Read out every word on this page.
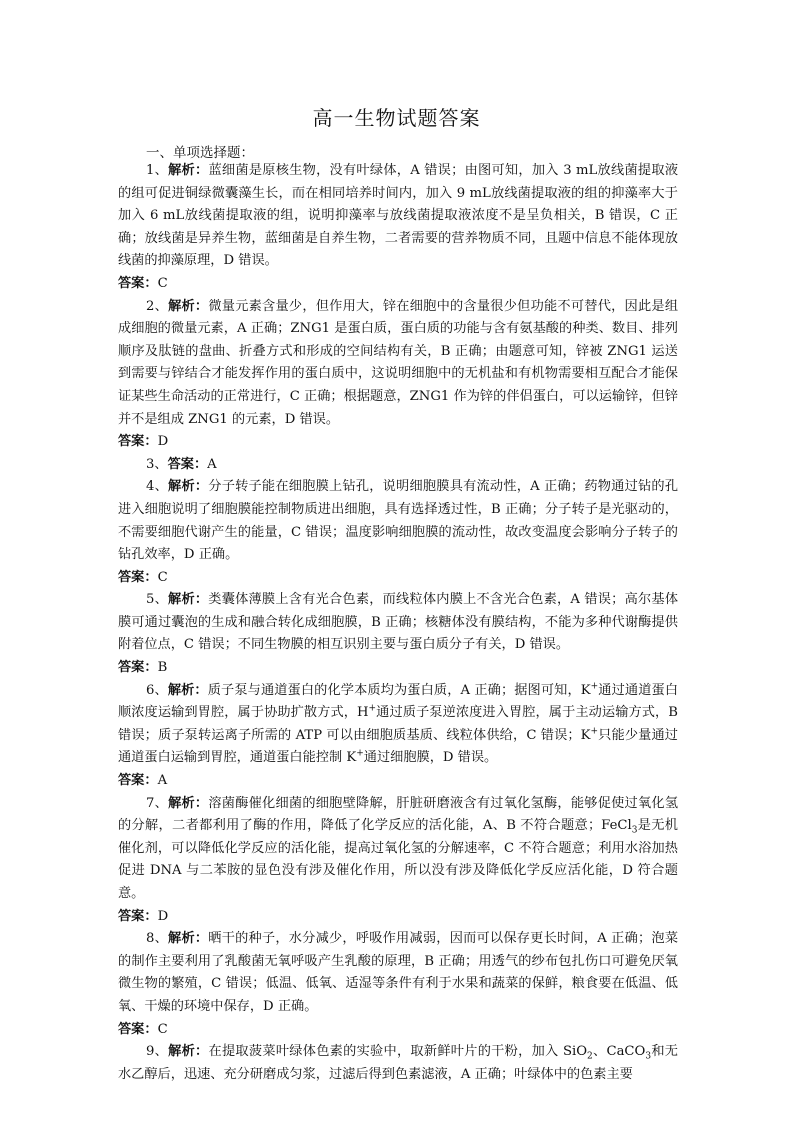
高一生物试题答案
一、单项选择题：

1、解析：蓝细菌是原核生物，没有叶绿体，A 错误；由图可知，加入 3 mL放线菌提取液的组可促进铜绿微囊藻生长，而在相同培养时间内，加入 9 mL放线菌提取液的组的抑藻率大于加入 6 mL放线菌提取液的组，说明抑藻率与放线菌提取液浓度不是呈负相关，B 错误，C 正确；放线菌是异养生物，蓝细菌是自养生物，二者需要的营养物质不同，且题中信息不能体现放线菌的抑藻原理，D 错误。

答案：C

2、解析：微量元素含量少，但作用大，锌在细胞中的含量很少但功能不可替代，因此是组成细胞的微量元素，A 正确；ZNG1 是蛋白质，蛋白质的功能与含有氨基酸的种类、数目、排列顺序及肽链的盘曲、折叠方式和形成的空间结构有关，B 正确；由题意可知，锌被 ZNG1 运送到需要与锌结合才能发挥作用的蛋白质中，这说明细胞中的无机盐和有机物需要相互配合才能保证某些生命活动的正常进行，C 正确；根据题意，ZNG1 作为锌的伴侣蛋白，可以运输锌，但锌并不是组成 ZNG1 的元素，D 错误。

答案：D

3、答案：A

4、解析：分子转子能在细胞膜上钻孔，说明细胞膜具有流动性，A 正确；药物通过钻的孔进入细胞说明了细胞膜能控制物质进出细胞，具有选择透过性，B 正确；分子转子是光驱动的，不需要细胞代谢产生的能量，C 错误；温度影响细胞膜的流动性，故改变温度会影响分子转子的钻孔效率，D 正确。

答案：C

5、解析：类囊体薄膜上含有光合色素，而线粒体内膜上不含光合色素，A 错误；高尔基体膜可通过囊泡的生成和融合转化成细胞膜，B 正确；核糖体没有膜结构，不能为多种代谢酶提供附着位点，C 错误；不同生物膜的相互识别主要与蛋白质分子有关，D 错误。

答案：B

6、解析：质子泵与通道蛋白的化学本质均为蛋白质，A 正确；据图可知，K+通过通道蛋白顺浓度运输到胃腔，属于协助扩散方式，H+通过质子泵逆浓度进入胃腔，属于主动运输方式，B 错误；质子泵转运离子所需的 ATP 可以由细胞质基质、线粒体供给，C 错误；K+只能少量通过通道蛋白运输到胃腔，通道蛋白能控制 K+通过细胞膜，D 错误。

答案：A

7、解析：溶菌酶催化细菌的细胞壁降解，肝脏研磨液含有过氧化氢酶，能够促使过氧化氢的分解，二者都利用了酶的作用，降低了化学反应的活化能，A、B 不符合题意；FeCl$_3$是无机催化剂，可以降低化学反应的活化能，提高过氧化氢的分解速率，C 不符合题意；利用水浴加热促进 DNA 与二苯胺的显色没有涉及催化作用，所以没有涉及降低化学反应活化能，D 符合题意。

答案：D

8、解析：晒干的种子，水分减少，呼吸作用减弱，因而可以保存更长时间，A 正确；泡菜的制作主要利用了乳酸菌无氧呼吸产生乳酸的原理，B 正确；用透气的纱布包扎伤口可避免厌氧微生物的繁殖，C 错误；低温、低氧、适湿等条件有利于水果和蔬菜的保鲜，粮食要在低温、低氧、干燥的环境中保存，D 正确。

答案：C

9、解析：在提取菠菜叶绿体色素的实验中，取新鲜叶片的干粉，加入 SiO$_2$、CaCO$_3$和无水乙醇后，迅速、充分研磨成匀浆，过滤后得到色素滤液，A 正确；叶绿体中的色素主要
